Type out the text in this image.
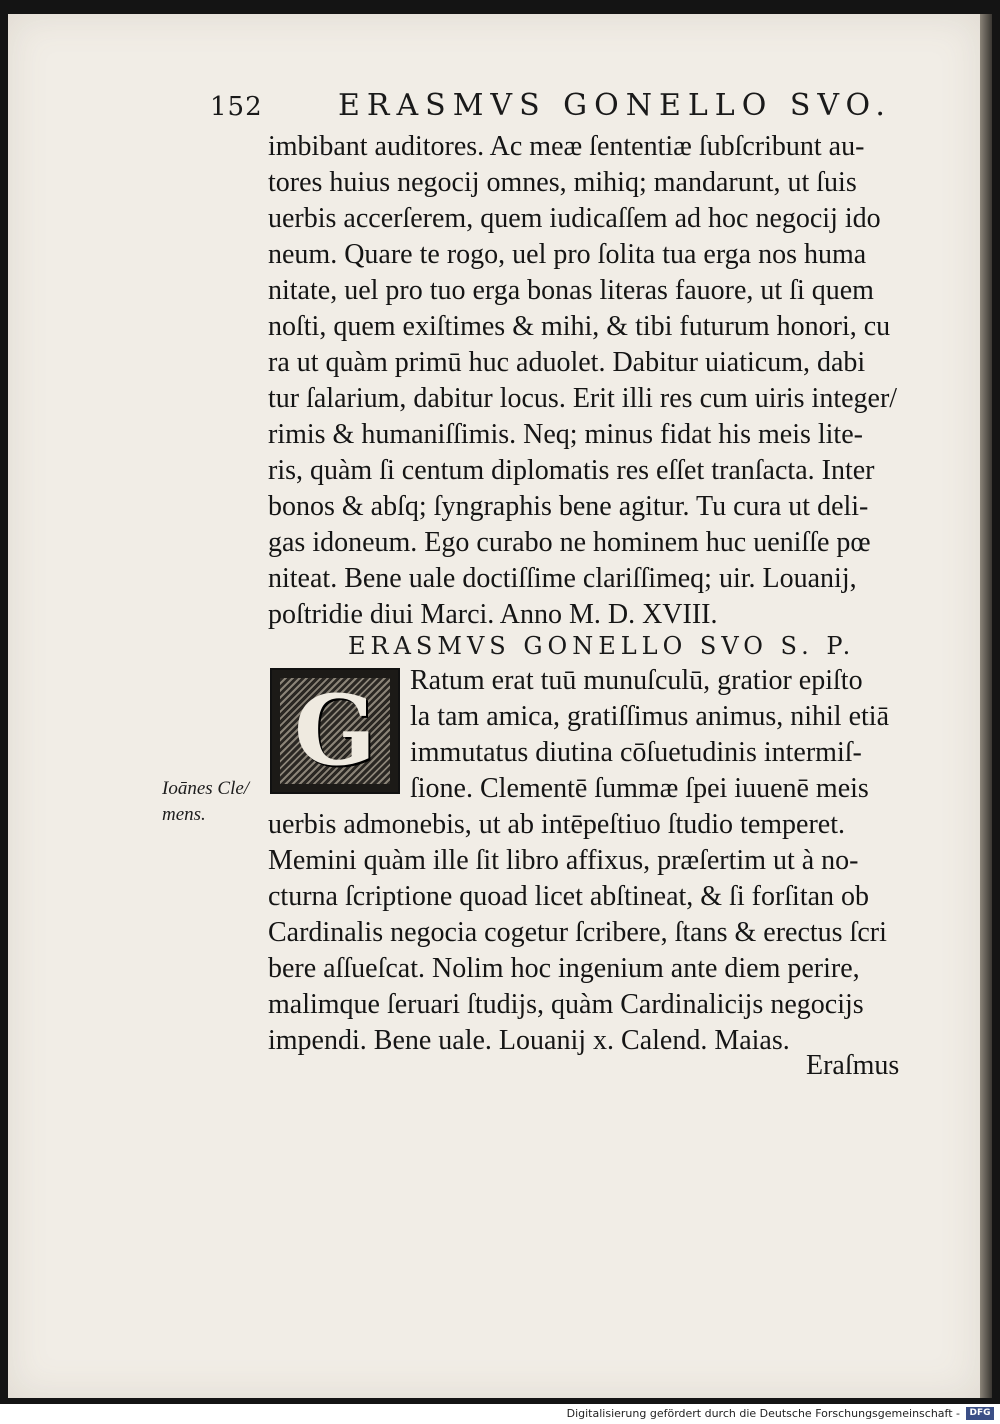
152	ERASMVS GONELLO SVO.
imbibant auditores. Ac meæ ſententiæ ſubſcribunt au-
tores huius negocij omnes, mihiq; mandarunt, ut ſuis
uerbis accerſerem, quem iudicaſſem ad hoc negocij ido
neum. Quare te rogo, uel pro ſolita tua erga nos huma
nitate, uel pro tuo erga bonas literas fauore, ut ſi quem
noſti, quem exiſtimes & mihi, & tibi futurum honori, cu
ra ut quàm primū huc aduolet. Dabitur uiaticum, dabi
tur ſalarium, dabitur locus. Erit illi res cum uiris integer/
rimis & humaniſſimis. Neq; minus fidat his meis lite-
ris, quàm ſi centum diplomatis res eſſet tranſacta. Inter
bonos & abſq; ſyngraphis bene agitur. Tu cura ut deli-
gas idoneum. Ego curabo ne hominem huc ueniſſe pœ
niteat. Bene uale doctiſſime clariſſimeq; uir. Louanij,
poſtridie diui Marci. Anno M. D. XVIII.
ERASMVS GONELLO SVO S. P.
G Ratum erat tuū munuſculū, gratior epiſto
la tam amica, gratiſſimus animus, nihil etiā
immutatus diutina cōſuetudinis intermiſ-
ſione. Clementē ſummæ ſpei iuuenē meis
Ioānes Cle/
mens. uerbis admonebis, ut ab intēpeſtiuo ſtudio temperet.
Memini quàm ille ſit libro affixus, præſertim ut à no-
cturna ſcriptione quoad licet abſtineat, & ſi forſitan ob
Cardinalis negocia cogetur ſcribere, ſtans & erectus ſcri
bere aſſueſcat. Nolim hoc ingenium ante diem perire,
malimque ſeruari ſtudijs, quàm Cardinalicijs negocijs
impendi. Bene uale. Louanij x. Calend. Maias.
Eraſmus
Digitalisierung gefördert durch die Deutsche Forschungsgemeinschaft -	DFG
